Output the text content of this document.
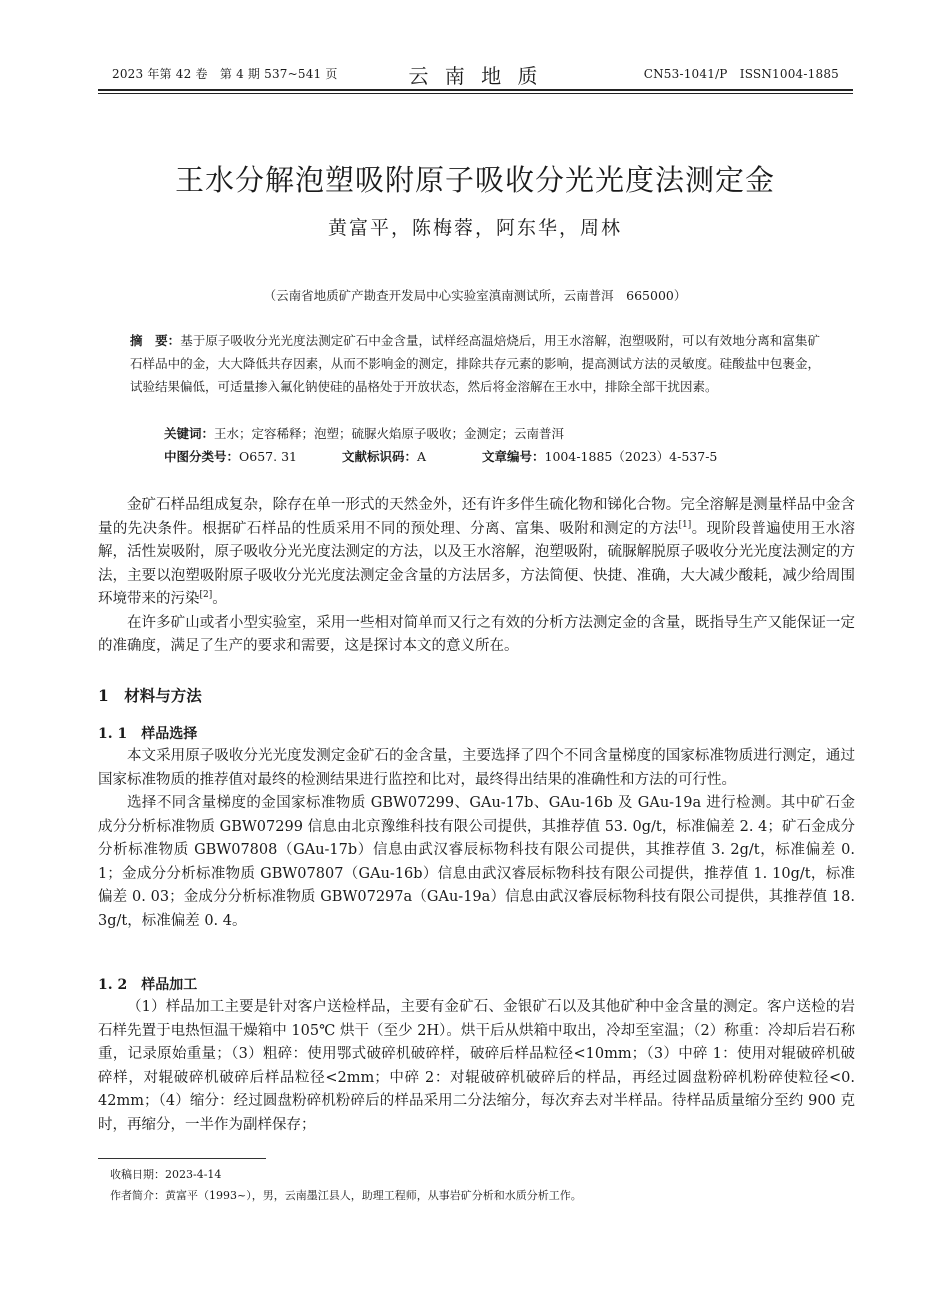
2023 年第 42 卷　第 4 期 537~541 页	云 南 地 质	CN53-1041/P　ISSN1004-1885
王水分解泡塑吸附原子吸收分光光度法测定金
黄富平，陈梅蓉，阿东华，周林
（云南省地质矿产勘查开发局中心实验室滇南测试所，云南普洱　665000）
摘　要：基于原子吸收分光光度法测定矿石中金含量，试样经高温焙烧后，用王水溶解，泡塑吸附，可以有效地分离和富集矿石样品中的金，大大降低共存因素，从而不影响金的测定，排除共存元素的影响，提高测试方法的灵敏度。硅酸盐中包裹金，试验结果偏低，可适量掺入氟化钠使硅的晶格处于开放状态，然后将金溶解在王水中，排除全部干扰因素。
关键词：王水；定容稀释；泡塑；硫脲火焰原子吸收；金测定；云南普洱
中图分类号：O657. 31	文献标识码：A	文章编号：1004-1885（2023）4-537-5

金矿石样品组成复杂，除存在单一形式的天然金外，还有许多伴生硫化物和锑化合物。完全溶解是测量样品中金含量的先决条件。根据矿石样品的性质采用不同的预处理、分离、富集、吸附和测定的方法[1]。现阶段普遍使用王水溶解，活性炭吸附，原子吸收分光光度法测定的方法，以及王水溶解，泡塑吸附，硫脲解脱原子吸收分光光度法测定的方法，主要以泡塑吸附原子吸收分光光度法测定金含量的方法居多，方法简便、快捷、准确，大大减少酸耗，减少给周围环境带来的污染[2]。

在许多矿山或者小型实验室，采用一些相对简单而又行之有效的分析方法测定金的含量，既指导生产又能保证一定的准确度，满足了生产的要求和需要，这是探讨本文的意义所在。

1　材料与方法
1. 1　样品选择

本文采用原子吸收分光光度发测定金矿石的金含量，主要选择了四个不同含量梯度的国家标准物质进行测定，通过国家标准物质的推荐值对最终的检测结果进行监控和比对，最终得出结果的准确性和方法的可行性。

选择不同含量梯度的金国家标准物质 GBW07299、GAu-17b、GAu-16b 及 GAu-19a 进行检测。其中矿石金成分分析标准物质 GBW07299 信息由北京豫维科技有限公司提供，其推荐值 53. 0g/t，标准偏差 2. 4；矿石金成分分析标准物质 GBW07808（GAu-17b）信息由武汉睿辰标物科技有限公司提供，其推荐值 3. 2g/t，标准偏差 0. 1；金成分分析标准物质 GBW07807（GAu-16b）信息由武汉睿辰标物科技有限公司提供，推荐值 1. 10g/t，标准偏差 0. 03；金成分分析标准物质 GBW07297a（GAu-19a）信息由武汉睿辰标物科技有限公司提供，其推荐值 18. 3g/t，标准偏差 0. 4。

1. 2　样品加工

（1）样品加工主要是针对客户送检样品，主要有金矿石、金银矿石以及其他矿种中金含量的测定。客户送检的岩石样先置于电热恒温干燥箱中 105℃ 烘干（至少 2H）。烘干后从烘箱中取出，冷却至室温；（2）称重：冷却后岩石称重，记录原始重量；（3）粗碎：使用鄂式破碎机破碎样，破碎后样品粒径<10mm；（3）中碎 1：使用对辊破碎机破碎样，对辊破碎机破碎后样品粒径<2mm；中碎 2：对辊破碎机破碎后的样品，再经过圆盘粉碎机粉碎使粒径<0. 42mm；（4）缩分：经过圆盘粉碎机粉碎后的样品采用二分法缩分，每次弃去对半样品。待样品质量缩分至约 900 克时，再缩分，一半作为副样保存；

收稿日期：2023-4-14
作者简介：黄富平（1993~），男，云南墨江县人，助理工程师，从事岩矿分析和水质分析工作。
